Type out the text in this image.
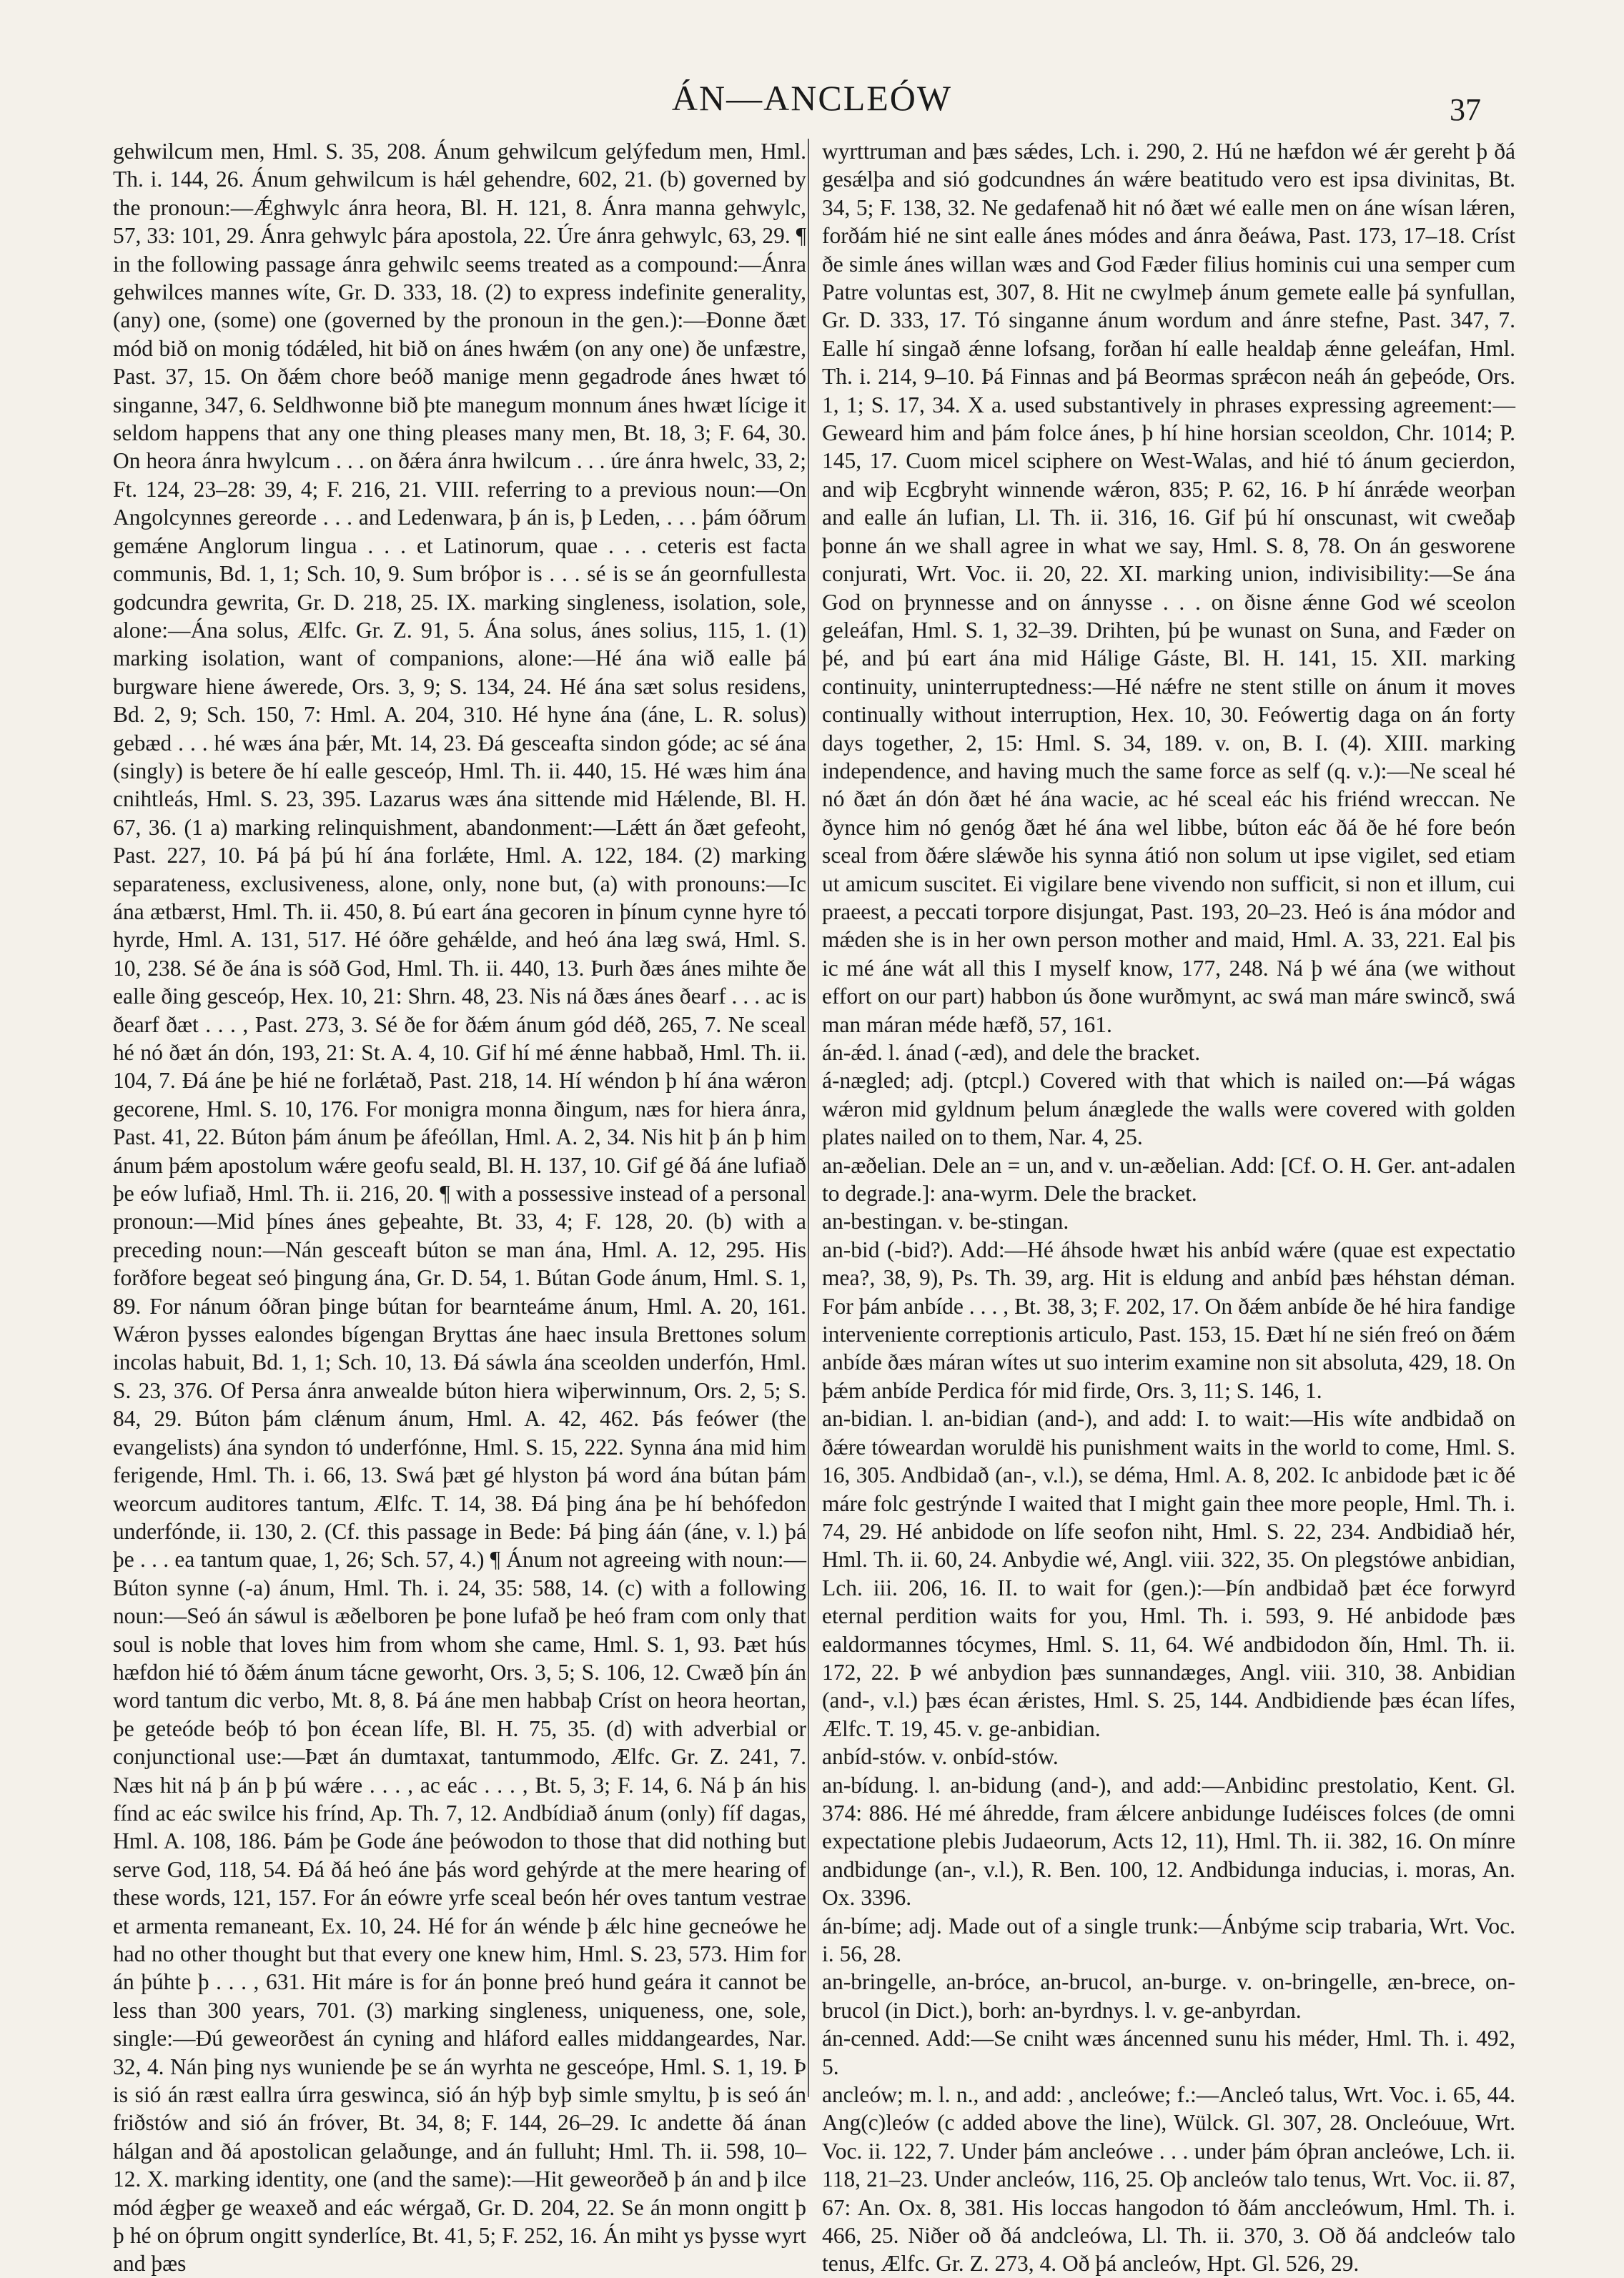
ÁN—ANCLEÓW	37

gehwilcum men, Hml. S. 35, 208. Ánum gehwilcum gelýfedum men, Hml. Th. i. 144, 26. Ánum gehwilcum is hǽl gehendre, 602, 21. (b) governed by the pronoun:—Ǽghwylc ánra heora, Bl. H. 121, 8. Ánra manna gehwylc, 57, 33: 101, 29. Ánra gehwylc þára apostola, 22. Úre ánra gehwylc, 63, 29. ¶ in the following passage ánra gehwilc seems treated as a compound:—Ánra gehwilces mannes wíte, Gr. D. 333, 18. (2) to express indefinite generality, (any) one, (some) one (governed by the pronoun in the gen.):—Ðonne ðæt mód bið on monig tódǽled, hit bið on ánes hwǽm (on any one) ðe unfæstre, Past. 37, 15. On ðǽm chore beóð manige menn gegadrode ánes hwæt tó singanne, 347, 6. Seldhwonne bið þte manegum monnum ánes hwæt lícige it seldom happens that any one thing pleases many men, Bt. 18, 3; F. 64, 30. On heora ánra hwylcum . . . on ðǽra ánra hwilcum . . . úre ánra hwelc, 33, 2; Ft. 124, 23–28: 39, 4; F. 216, 21. VIII. referring to a previous noun:—On Angolcynnes gereorde . . . and Ledenwara, þ án is, þ Leden, . . . þám óðrum gemǽne Anglorum lingua . . . et Latinorum, quae . . . ceteris est facta communis, Bd. 1, 1; Sch. 10, 9. Sum bróþor is . . . sé is se án geornfullesta godcundra gewrita, Gr. D. 218, 25. IX. marking singleness, isolation, sole, alone:—Ána solus, Ælfc. Gr. Z. 91, 5. Ána solus, ánes solius, 115, 1. (1) marking isolation, want of companions, alone:—Hé ána wið ealle þá burgware hiene áwerede, Ors. 3, 9; S. 134, 24. Hé ána sæt solus residens, Bd. 2, 9; Sch. 150, 7: Hml. A. 204, 310. Hé hyne ána (áne, L. R. solus) gebæd . . . hé wæs ána þǽr, Mt. 14, 23. Ðá gesceafta sindon góde; ac sé ána (singly) is betere ðe hí ealle gesceóp, Hml. Th. ii. 440, 15. Hé wæs him ána cnihtleás, Hml. S. 23, 395. Lazarus wæs ána sittende mid Hǽlende, Bl. H. 67, 36. (1 a) marking relinquishment, abandonment:—Lǽtt án ðæt gefeoht, Past. 227, 10. Þá þá þú hí ána forlǽte, Hml. A. 122, 184. (2) marking separateness, exclusiveness, alone, only, none but, (a) with pronouns:—Ic ána ætbærst, Hml. Th. ii. 450, 8. Þú eart ána gecoren in þínum cynne hyre tó hyrde, Hml. A. 131, 517. Hé óðre gehǽlde, and heó ána læg swá, Hml. S. 10, 238. Sé ðe ána is sóð God, Hml. Th. ii. 440, 13. Þurh ðæs ánes mihte ðe ealle ðing gesceóp, Hex. 10, 21: Shrn. 48, 23. Nis ná ðæs ánes ðearf . . . ac is ðearf ðæt . . . , Past. 273, 3. Sé ðe for ðǽm ánum gód déð, 265, 7. Ne sceal hé nó ðæt án dón, 193, 21: St. A. 4, 10. Gif hí mé ǽnne habbað, Hml. Th. ii. 104, 7. Ðá áne þe hié ne forlǽtað, Past. 218, 14. Hí wéndon þ hí ána wǽron gecorene, Hml. S. 10, 176. For monigra monna ðingum, næs for hiera ánra, Past. 41, 22. Búton þám ánum þe áfeóllan, Hml. A. 2, 34. Nis hit þ án þ him ánum þǽm apostolum wǽre geofu seald, Bl. H. 137, 10. Gif gé ðá áne lufiað þe eów lufiað, Hml. Th. ii. 216, 20. ¶ with a possessive instead of a personal pronoun:—Mid þínes ánes geþeahte, Bt. 33, 4; F. 128, 20. (b) with a preceding noun:—Nán gesceaft búton se man ána, Hml. A. 12, 295. His forðfore begeat seó þingung ána, Gr. D. 54, 1. Bútan Gode ánum, Hml. S. 1, 89. For nánum óðran þinge bútan for bearnteáme ánum, Hml. A. 20, 161. Wǽron þysses ealondes bígengan Bryttas áne haec insula Brettones solum incolas habuit, Bd. 1, 1; Sch. 10, 13. Ðá sáwla ána sceolden underfón, Hml. S. 23, 376. Of Persa ánra anwealde búton hiera wiþerwinnum, Ors. 2, 5; S. 84, 29. Búton þám clǽnum ánum, Hml. A. 42, 462. Þás feówer (the evangelists) ána syndon tó underfónne, Hml. S. 15, 222. Synna ána mid him ferigende, Hml. Th. i. 66, 13. Swá þæt gé hlyston þá word ána bútan þám weorcum auditores tantum, Ælfc. T. 14, 38. Ðá þing ána þe hí behófedon underfónde, ii. 130, 2. (Cf. this passage in Bede: Þá þing áán (áne, v. l.) þá þe . . . ea tantum quae, 1, 26; Sch. 57, 4.) ¶ Ánum not agreeing with noun:—Búton synne (-a) ánum, Hml. Th. i. 24, 35: 588, 14. (c) with a following noun:—Seó án sáwul is æðelboren þe þone lufað þe heó fram com only that soul is noble that loves him from whom she came, Hml. S. 1, 93. Þæt hús hæfdon hié tó ðǽm ánum tácne geworht, Ors. 3, 5; S. 106, 12. Cwæð þín án word tantum dic verbo, Mt. 8, 8. Þá áne men habbaþ Críst on heora heortan, þe geteóde beóþ tó þon écean lífe, Bl. H. 75, 35. (d) with adverbial or conjunctional use:—Þæt án dumtaxat, tantummodo, Ælfc. Gr. Z. 241, 7. Næs hit ná þ án þ þú wǽre . . . , ac eác . . . , Bt. 5, 3; F. 14, 6. Ná þ án his fínd ac eác swilce his frínd, Ap. Th. 7, 12. Andbídiað ánum (only) fíf dagas, Hml. A. 108, 186. Þám þe Gode áne þeówodon to those that did nothing but serve God, 118, 54. Ðá ðá heó áne þás word gehýrde at the mere hearing of these words, 121, 157. For án eówre yrfe sceal beón hér oves tantum vestrae et armenta remaneant, Ex. 10, 24. Hé for án wénde þ ǽlc hine gecneówe he had no other thought but that every one knew him, Hml. S. 23, 573. Him for án þúhte þ . . . , 631. Hit máre is for án þonne þreó hund geára it cannot be less than 300 years, 701. (3) marking singleness, uniqueness, one, sole, single:—Ðú geweorðest án cyning and hláford ealles middangeardes, Nar. 32, 4. Nán þing nys wuniende þe se án wyrhta ne gesceópe, Hml. S. 1, 19. Þ is sió án ræst eallra úrra geswinca, sió án hýþ byþ simle smyltu, þ is seó án friðstów and sió án fróver, Bt. 34, 8; F. 144, 26–29. Ic andette ðá ánan hálgan and ðá apostolican gelaðunge, and án fulluht; Hml. Th. ii. 598, 10–12. X. marking identity, one (and the same):—Hit geweorðeð þ án and þ ilce mód ǽgþer ge weaxeð and eác wérgað, Gr. D. 204, 22. Se án monn ongitt þ þ hé on óþrum ongitt synderlíce, Bt. 41, 5; F. 252, 16. Án miht ys þysse wyrt and þæs

wyrttruman and þæs sǽdes, Lch. i. 290, 2. Hú ne hæfdon wé ǽr gereht þ ðá gesǽlþa and sió godcundnes án wǽre beatitudo vero est ipsa divinitas, Bt. 34, 5; F. 138, 32. Ne gedafenað hit nó ðæt wé ealle men on áne wísan lǽren, forðám hié ne sint ealle ánes módes and ánra ðeáwa, Past. 173, 17–18. Críst ðe simle ánes willan wæs and God Fæder filius hominis cui una semper cum Patre voluntas est, 307, 8. Hit ne cwylmeþ ánum gemete ealle þá synfullan, Gr. D. 333, 17. Tó singanne ánum wordum and ánre stefne, Past. 347, 7. Ealle hí singað ǽnne lofsang, forðan hí ealle healdaþ ǽnne geleáfan, Hml. Th. i. 214, 9–10. Þá Finnas and þá Beormas sprǽcon neáh án geþeóde, Ors. 1, 1; S. 17, 34. X a. used substantively in phrases expressing agreement:—Geweard him and þám folce ánes, þ hí hine horsian sceoldon, Chr. 1014; P. 145, 17. Cuom micel sciphere on West-Walas, and hié tó ánum gecierdon, and wiþ Ecgbryht winnende wǽron, 835; P. 62, 16. Þ hí ánrǽde weorþan and ealle án lufian, Ll. Th. ii. 316, 16. Gif þú hí onscunast, wit cweðaþ þonne án we shall agree in what we say, Hml. S. 8, 78. On án gesworene conjurati, Wrt. Voc. ii. 20, 22. XI. marking union, indivisibility:—Se ána God on þrynnesse and on ánnysse . . . on ðisne ǽnne God wé sceolon geleáfan, Hml. S. 1, 32–39. Drihten, þú þe wunast on Suna, and Fæder on þé, and þú eart ána mid Hálige Gáste, Bl. H. 141, 15. XII. marking continuity, uninterruptedness:—Hé nǽfre ne stent stille on ánum it moves continually without interruption, Hex. 10, 30. Feówertig daga on án forty days together, 2, 15: Hml. S. 34, 189. v. on, B. I. (4). XIII. marking independence, and having much the same force as self (q. v.):—Ne sceal hé nó ðæt án dón ðæt hé ána wacie, ac hé sceal eác his friénd wreccan. Ne ðynce him nó genóg ðæt hé ána wel libbe, búton eác ðá ðe hé fore beón sceal from ðǽre slǽwðe his synna átió non solum ut ipse vigilet, sed etiam ut amicum suscitet. Ei vigilare bene vivendo non sufficit, si non et illum, cui praeest, a peccati torpore disjungat, Past. 193, 20–23. Heó is ána módor and mǽden she is in her own person mother and maid, Hml. A. 33, 221. Eal þis ic mé áne wát all this I myself know, 177, 248. Ná þ wé ána (we without effort on our part) habbon ús ðone wurðmynt, ac swá man máre swincð, swá man máran méde hæfð, 57, 161.

án-ǽd. l. ánad (-æd), and dele the bracket.

á-nægled; adj. (ptcpl.) Covered with that which is nailed on:—Þá wágas wǽron mid gyldnum þelum ánæglede the walls were covered with golden plates nailed on to them, Nar. 4, 25.

an-æðelian. Dele an = un, and v. un-æðelian. Add: [Cf. O. H. Ger. ant-adalen to degrade.]: ana-wyrm. Dele the bracket.

an-bestingan. v. be-stingan.

an-bid (-bid?). Add:—Hé áhsode hwæt his anbíd wǽre (quae est expectatio mea?, 38, 9), Ps. Th. 39, arg. Hit is eldung and anbíd þæs héhstan déman. For þám anbíde . . . , Bt. 38, 3; F. 202, 17. On ðǽm anbíde ðe hé hira fandige interveniente correptionis articulo, Past. 153, 15. Ðæt hí ne sién freó on ðǽm anbíde ðæs máran wítes ut suo interim examine non sit absoluta, 429, 18. On þǽm anbíde Perdica fór mid firde, Ors. 3, 11; S. 146, 1.

an-bidian. l. an-bidian (and-), and add: I. to wait:—His wíte andbidað on ðǽre tóweardan woruldë his punishment waits in the world to come, Hml. S. 16, 305. Andbidað (an-, v.l.), se déma, Hml. A. 8, 202. Ic anbidode þæt ic ðé máre folc gestrýnde I waited that I might gain thee more people, Hml. Th. i. 74, 29. Hé anbidode on lífe seofon niht, Hml. S. 22, 234. Andbidiað hér, Hml. Th. ii. 60, 24. Anbydie wé, Angl. viii. 322, 35. On plegstówe anbidian, Lch. iii. 206, 16. II. to wait for (gen.):—Þín andbidað þæt éce forwyrd eternal perdition waits for you, Hml. Th. i. 593, 9. Hé anbidode þæs ealdormannes tócymes, Hml. S. 11, 64. Wé andbidodon ðín, Hml. Th. ii. 172, 22. Þ wé anbydion þæs sunnandæges, Angl. viii. 310, 38. Anbidian (and-, v.l.) þæs écan ǽristes, Hml. S. 25, 144. Andbidiende þæs écan lífes, Ælfc. T. 19, 45. v. ge-anbidian.

anbíd-stów. v. onbíd-stów.

an-bídung. l. an-bidung (and-), and add:—Anbidinc prestolatio, Kent. Gl. 374: 886. Hé mé áhredde, fram ǽlcere anbidunge Iudéisces folces (de omni expectatione plebis Judaeorum, Acts 12, 11), Hml. Th. ii. 382, 16. On mínre andbidunge (an-, v.l.), R. Ben. 100, 12. Andbidunga inducias, i. moras, An. Ox. 3396.

án-bíme; adj. Made out of a single trunk:—Ánbýme scip trabaria, Wrt. Voc. i. 56, 28.

an-bringelle, an-bróce, an-brucol, an-burge. v. on-bringelle, æn-brece, on-brucol (in Dict.), borh: an-byrdnys. l. v. ge-anbyrdan.

án-cenned. Add:—Se cniht wæs áncenned sunu his méder, Hml. Th. i. 492, 5.

ancleów; m. l. n., and add: , ancleówe; f.:—Ancleó talus, Wrt. Voc. i. 65, 44. Ang(c)leów (c added above the line), Wülck. Gl. 307, 28. Oncleóuue, Wrt. Voc. ii. 122, 7. Under þám ancleówe . . . under þám óþran ancleówe, Lch. ii. 118, 21–23. Under ancleów, 116, 25. Oþ ancleów talo tenus, Wrt. Voc. ii. 87, 67: An. Ox. 8, 381. His loccas hangodon tó ðám anccleówum, Hml. Th. i. 466, 25. Niðer oð ðá andcleówa, Ll. Th. ii. 370, 3. Oð ðá andcleów talo tenus, Ælfc. Gr. Z. 273, 4. Oð þá ancleów, Hpt. Gl. 526, 29.
